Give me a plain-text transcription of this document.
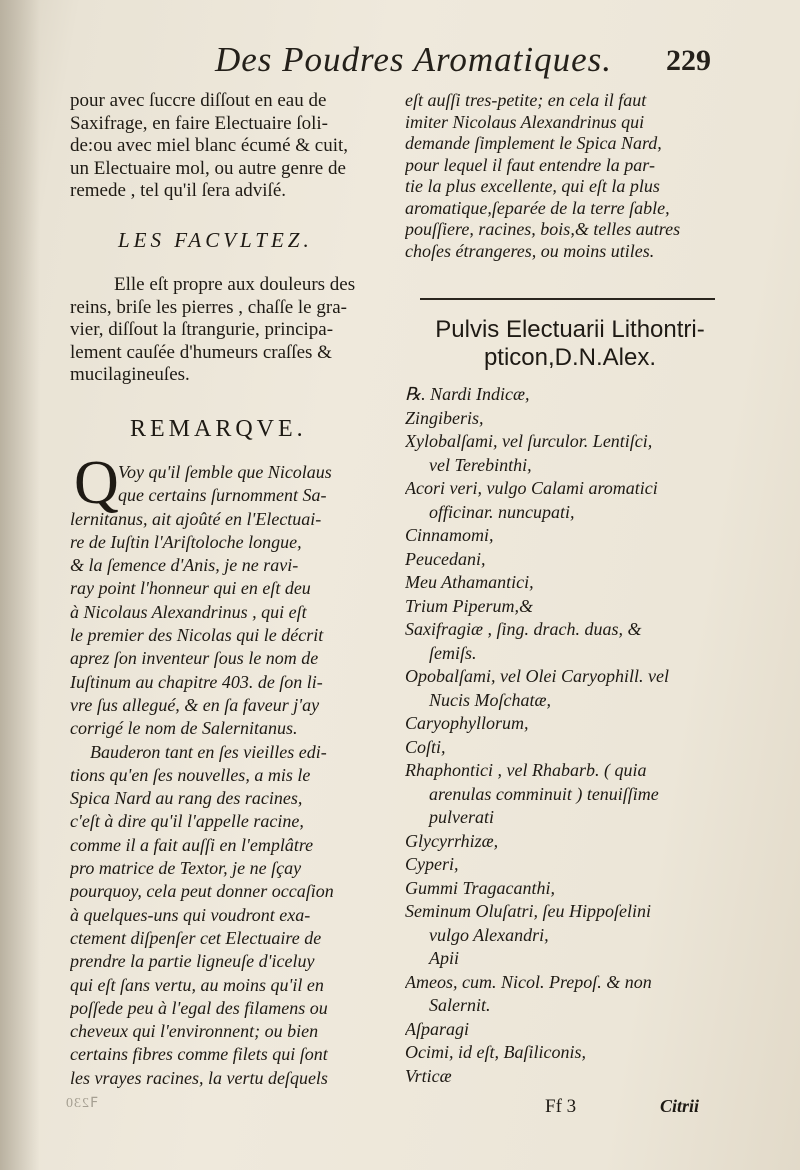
Des Poudres Aromatiques. 229
pour avec ſuccre diſſout en eau de
Saxifrage, en faire Electuaire ſoli-
de:ou avec miel blanc écumé & cuit,
un Electuaire mol, ou autre genre de
remede , tel qu'il ſera adviſé.
LES FACVLTEZ.
Elle eſt propre aux douleurs des
reins, briſe les pierres , chaſſe le gra-
vier, diſſout la ſtrangurie, principa-
lement cauſée d'humeurs craſſes &
mucilagineuſes.
REMARQVE.
Q Voy qu'il ſemble que Nicolaus
que certains ſurnomment Sa-
lernitanus, ait ajoûté en l'Electuai-
re de Iuſtin l'Ariſtoloche longue,
& la ſemence d'Anis, je ne ravi-
ray point l'honneur qui en eſt deu
à Nicolaus Alexandrinus , qui eſt
le premier des Nicolas qui le décrit
aprez ſon inventeur ſous le nom de
Iuſtinum au chapitre 403. de ſon li-
vre ſus allegué, & en ſa faveur j'ay
corrigé le nom de Salernitanus.
Bauderon tant en ſes vieilles edi-
tions qu'en ſes nouvelles, a mis le
Spica Nard au rang des racines,
c'eſt à dire qu'il l'appelle racine,
comme il a fait auſſi en l'emplâtre
pro matrice de Textor, je ne ſçay
pourquoy, cela peut donner occaſion
à quelques-uns qui voudront exa-
ctement diſpenſer cet Electuaire de
prendre la partie ligneuſe d'iceluy
qui eſt ſans vertu, au moins qu'il en
poſſede peu à l'egal des filamens ou
cheveux qui l'environnent; ou bien
certains fibres comme filets qui ſont
les vrayes racines, la vertu deſquels
eſt auſſi tres-petite; en cela il faut
imiter Nicolaus Alexandrinus qui
demande ſimplement le Spica Nard,
pour lequel il faut entendre la par-
tie la plus excellente, qui eſt la plus
aromatique,ſeparée de la terre ſable,
pouſſiere, racines, bois,& telles autres
choſes étrangeres, ou moins utiles.
Pulvis Electuarii Lithontri-
pticon,D.N.Alex.
℞. Nardi Indicæ,
Zingiberis,
Xylobalſami, vel ſurculor. Lentiſci,
vel Terebinthi,
Acori veri, vulgo Calami aromatici
officinar. nuncupati,
Cinnamomi,
Peucedani,
Meu Athamantici,
Trium Piperum,&
Saxifragiæ , ſing. drach. duas, &
ſemiſs.
Opobalſami, vel Olei Caryophill. vel
Nucis Moſchatæ,
Caryophyllorum,
Coſti,
Rhaphontici , vel Rhabarb. ( quia
arenulas comminuit ) tenuiſſime
pulverati
Glycyrrhizæ,
Cyperi,
Gummi Tragacanthi,
Seminum Oluſatri, ſeu Hippoſelini
vulgo Alexandri,
Apii
Ameos, cum. Nicol. Prepoſ. & non
Salernit.
Aſparagi
Ocimi, id eſt, Baſiliconis,
Vrticæ
ꟻ230	Ff 3	Citrii
